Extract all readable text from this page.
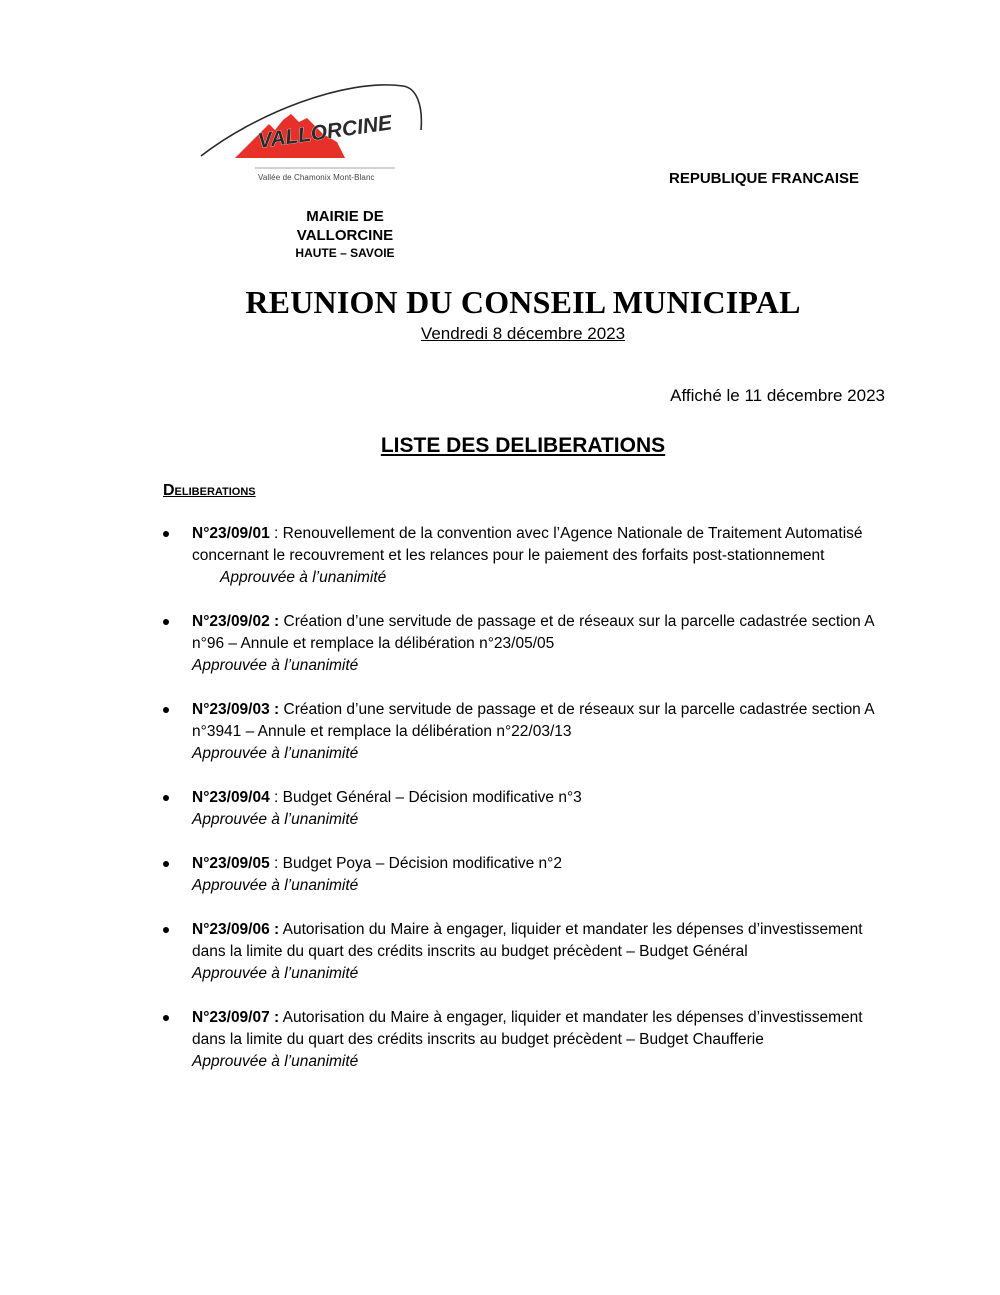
VALLORCINE
Vallée de Chamonix Mont-Blanc	REPUBLIQUE FRANCAISE
MAIRIE DE
VALLORCINE
HAUTE – SAVOIE
REUNION DU CONSEIL MUNICIPAL
Vendredi 8 décembre 2023
Affiché le 11 décembre 2023
LISTE DES DELIBERATIONS
Deliberations
N°23/09/01 : Renouvellement de la convention avec l’Agence Nationale de Traitement Automatisé concernant le recouvrement et les relances pour le paiement des forfaits post-stationnement
Approuvée à l’unanimité
N°23/09/02 : Création d’une servitude de passage et de réseaux sur la parcelle cadastrée section A n°96 – Annule et remplace la délibération n°23/05/05
Approuvée à l’unanimité
N°23/09/03 : Création d’une servitude de passage et de réseaux sur la parcelle cadastrée section A n°3941 – Annule et remplace la délibération n°22/03/13
Approuvée à l’unanimité
N°23/09/04 : Budget Général – Décision modificative n°3
Approuvée à l’unanimité
N°23/09/05 : Budget Poya – Décision modificative n°2
Approuvée à l’unanimité
N°23/09/06 : Autorisation du Maire à engager, liquider et mandater les dépenses d’investissement dans la limite du quart des crédits inscrits au budget précèdent – Budget Général
Approuvée à l’unanimité
N°23/09/07 : Autorisation du Maire à engager, liquider et mandater les dépenses d’investissement dans la limite du quart des crédits inscrits au budget précèdent – Budget Chaufferie
Approuvée à l’unanimité
